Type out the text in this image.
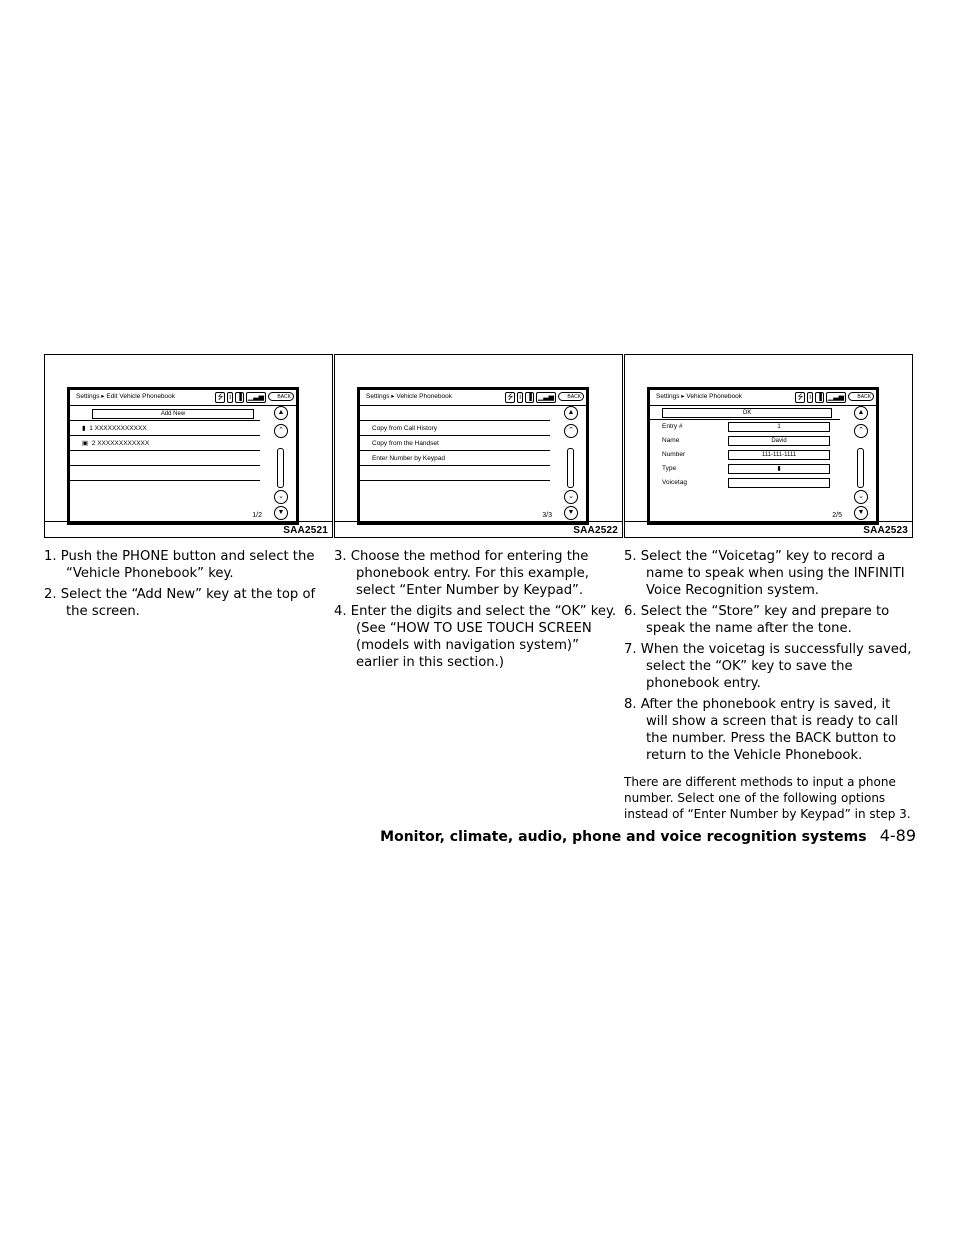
Settings ▸ Edit Vehicle Phonebook	⭍ i ▐ ▁▃▅	BACK
Add New
▮ 1 XXXXXXXXXXXX
▣ 2 XXXXXXXXXXXX
▲
⌃
⌄
▼
1/2
SAA2521

1. Push the PHONE button and select the “Vehicle Phonebook” key.

2. Select the “Add New” key at the top of the screen.

Settings ▸ Vehicle Phonebook	⭍ i ▐ ▁▃▅	BACK
Copy from Call History
Copy from the Handset
Enter Number by Keypad
▲
⌃
⌄
▼
3/3
SAA2522

3. Choose the method for entering the phonebook entry. For this example, select “Enter Number by Keypad”.

4. Enter the digits and select the “OK” key. (See “HOW TO USE TOUCH SCREEN (models with navigation system)” earlier in this section.)

Settings ▸ Vehicle Phonebook	⭍ i ▐ ▁▃▅	BACK
OK
Entry #	1
Name	David
Number	111-111-1111
Type	▮
Voicetag
▲
⌃
⌄
▼
2/5
SAA2523

5. Select the “Voicetag” key to record a name to speak when using the INFINITI Voice Recognition system.

6. Select the “Store” key and prepare to speak the name after the tone.

7. When the voicetag is successfully saved, select the “OK” key to save the phonebook entry.

8. After the phonebook entry is saved, it will show a screen that is ready to call the number. Press the BACK button to return to the Vehicle Phonebook.

There are different methods to input a phone number. Select one of the following options instead of “Enter Number by Keypad” in step 3.

Monitor, climate, audio, phone and voice recognition systems 4-89
